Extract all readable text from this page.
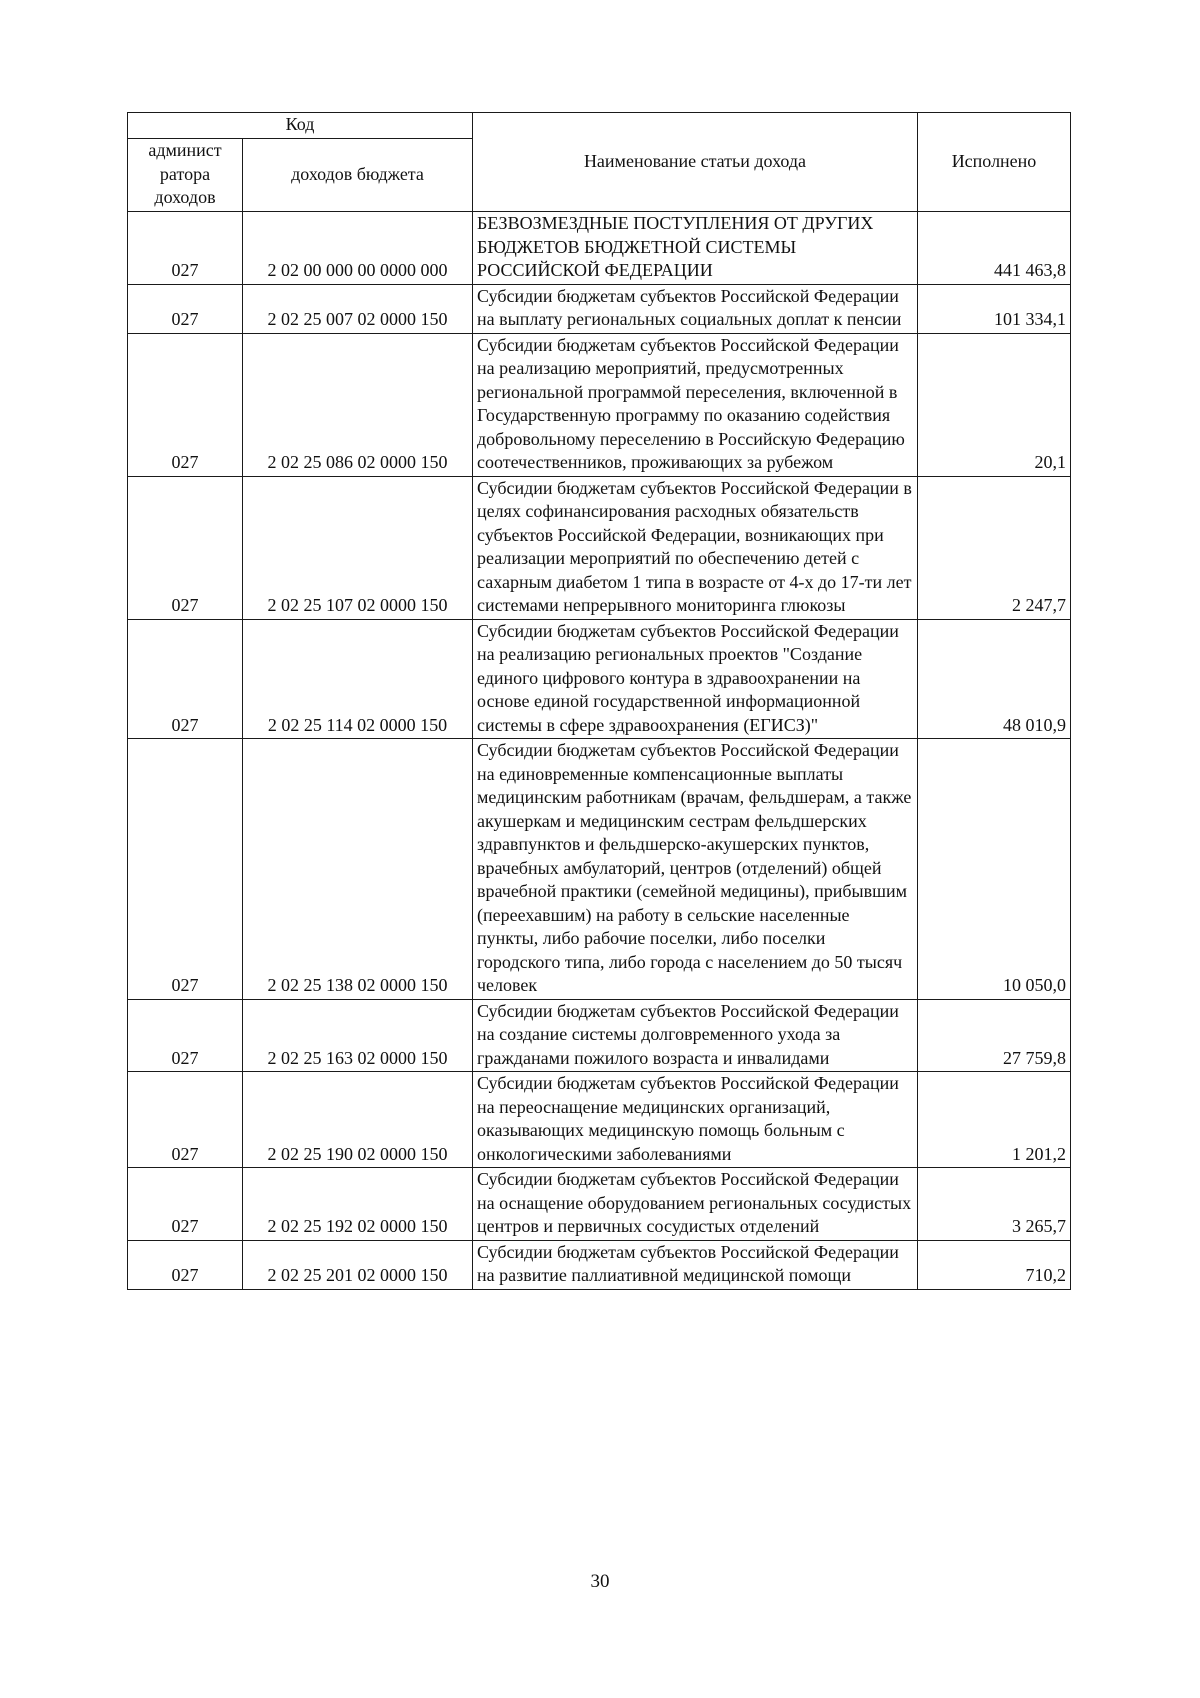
Код		Наименование статьи дохода	Исполнено
админист ратора доходов	доходов бюджета		
027	2 02 00 000 00 0000 000	БЕЗВОЗМЕЗДНЫЕ ПОСТУПЛЕНИЯ ОТ ДРУГИХ БЮДЖЕТОВ БЮДЖЕТНОЙ СИСТЕМЫ РОССИЙСКОЙ ФЕДЕРАЦИИ	441 463,8
027	2 02 25 007 02 0000 150	Субсидии бюджетам субъектов Российской Федерации на выплату региональных социальных доплат к пенсии	101 334,1
027	2 02 25 086 02 0000 150	Субсидии бюджетам субъектов Российской Федерации на реализацию мероприятий, предусмотренных региональной программой переселения, включенной в Государственную программу по оказанию содействия добровольному переселению в Российскую Федерацию соотечественников, проживающих за рубежом	20,1
027	2 02 25 107 02 0000 150	Субсидии бюджетам субъектов Российской Федерации в целях софинансирования расходных обязательств субъектов Российской Федерации, возникающих при реализации мероприятий по обеспечению детей с сахарным диабетом 1 типа в возрасте от 4-х до 17-ти лет системами непрерывного мониторинга глюкозы	2 247,7
027	2 02 25 114 02 0000 150	Субсидии бюджетам субъектов Российской Федерации на реализацию региональных проектов "Создание единого цифрового контура в здравоохранении на основе единой государственной информационной системы в сфере здравоохранения (ЕГИСЗ)"	48 010,9
027	2 02 25 138 02 0000 150	Субсидии бюджетам субъектов Российской Федерации на единовременные компенсационные выплаты медицинским работникам (врачам, фельдшерам, а также акушеркам и медицинским сестрам фельдшерских здравпунктов и фельдшерско-акушерских пунктов, врачебных амбулаторий, центров (отделений) общей врачебной практики (семейной медицины), прибывшим (переехавшим) на работу в сельские населенные пункты, либо рабочие поселки, либо поселки городского типа, либо города с населением до 50 тысяч человек	10 050,0
027	2 02 25 163 02 0000 150	Субсидии бюджетам субъектов Российской Федерации на создание системы долговременного ухода за гражданами пожилого возраста и инвалидами	27 759,8
027	2 02 25 190 02 0000 150	Субсидии бюджетам субъектов Российской Федерации на переоснащение медицинских организаций, оказывающих медицинскую помощь больным с онкологическими заболеваниями	1 201,2
027	2 02 25 192 02 0000 150	Субсидии бюджетам субъектов Российской Федерации на оснащение оборудованием региональных сосудистых центров и первичных сосудистых отделений	3 265,7
027	2 02 25 201 02 0000 150	Субсидии бюджетам субъектов Российской Федерации на развитие паллиативной медицинской помощи	710,2
30
